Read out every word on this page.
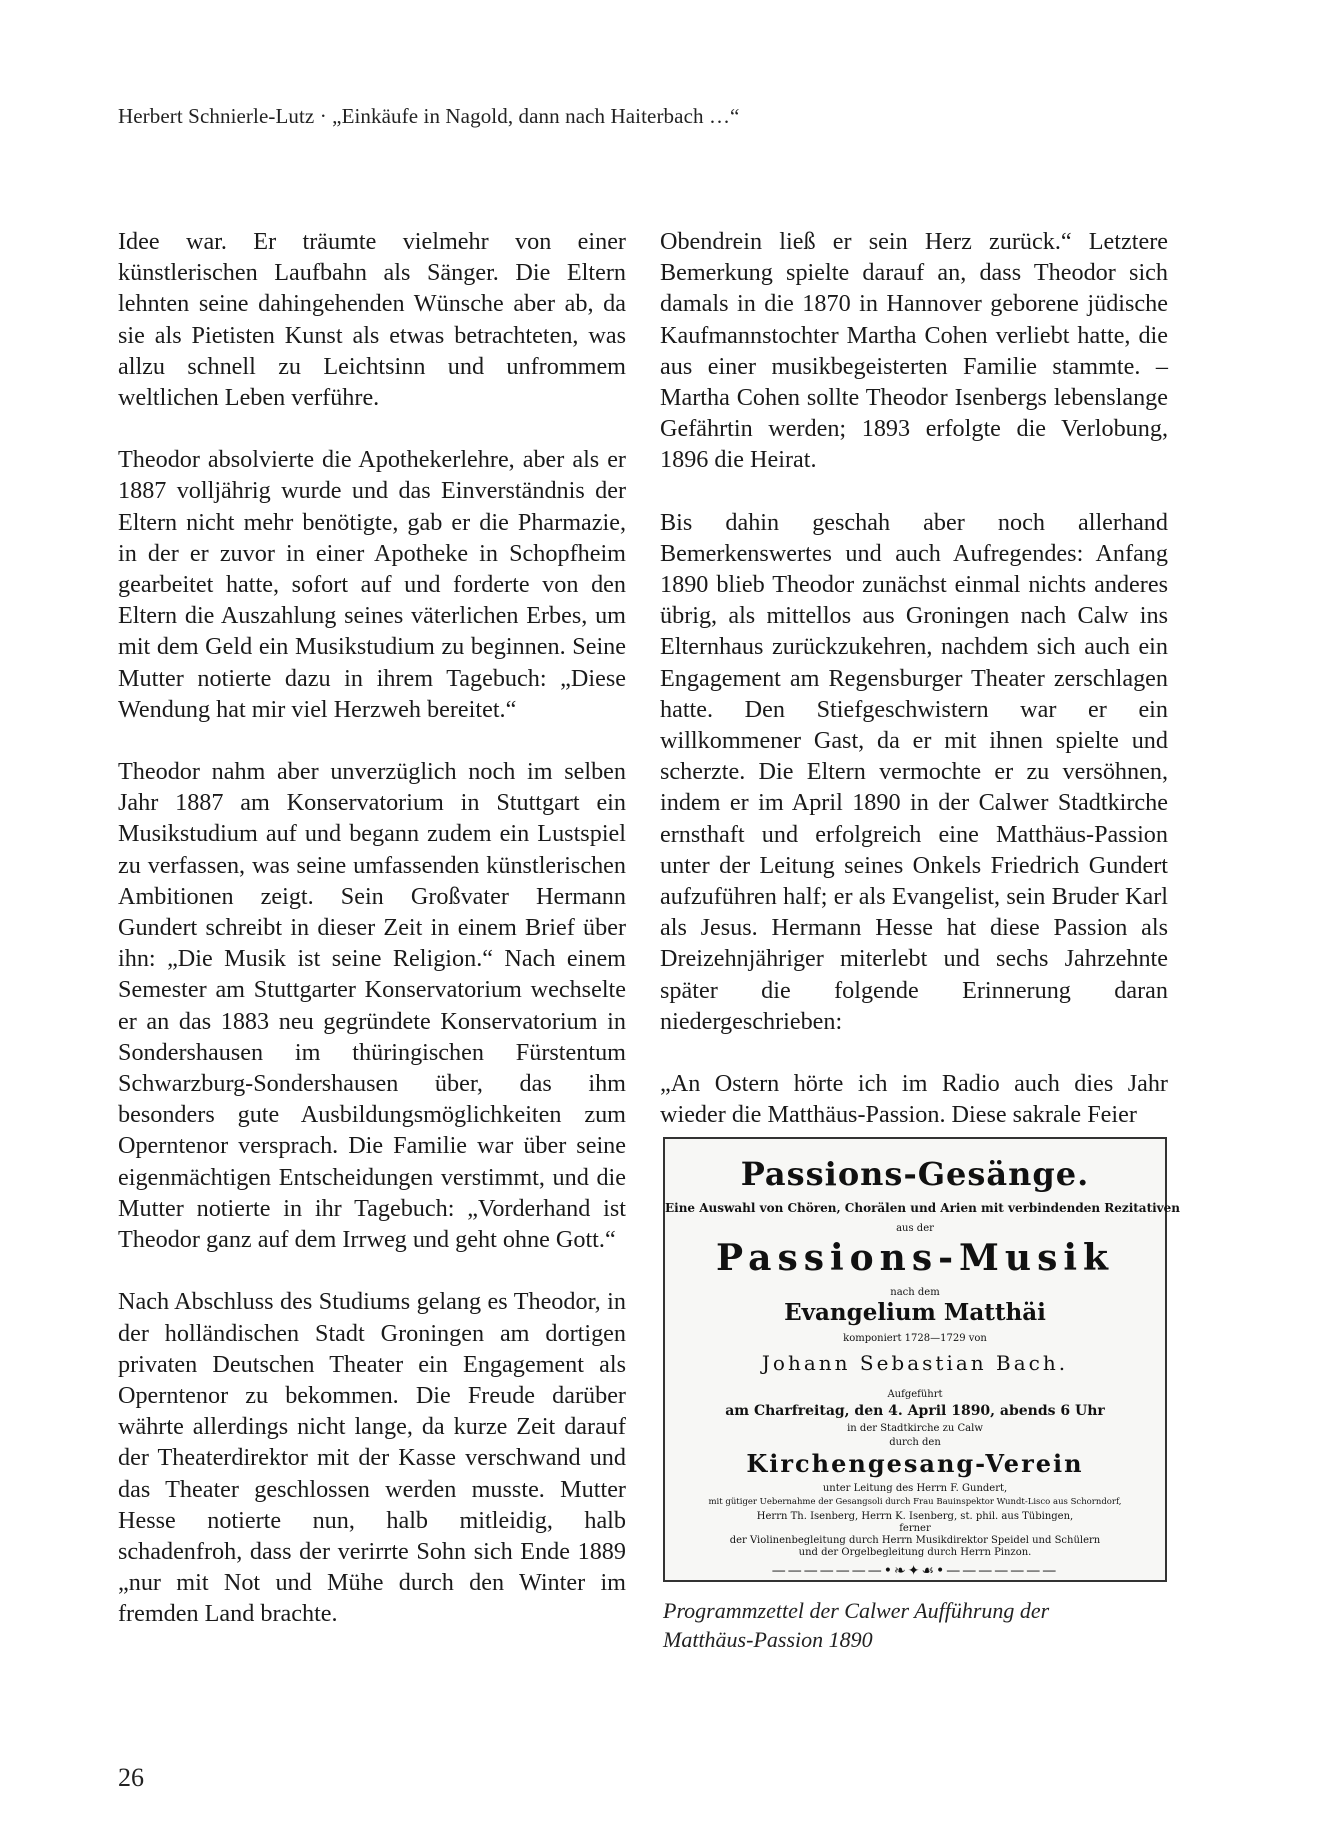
Herbert Schnierle-Lutz · „Einkäufe in Nagold, dann nach Haiterbach …“

Idee war. Er träumte vielmehr von einer künstlerischen Laufbahn als Sänger. Die Eltern lehnten seine dahingehenden Wünsche aber ab, da sie als Pietisten Kunst als etwas betrachteten, was allzu schnell zu Leichtsinn und unfrommem weltlichen Leben verführe.

Theodor absolvierte die Apothekerlehre, aber als er 1887 volljährig wurde und das Einverständnis der Eltern nicht mehr benötigte, gab er die Pharmazie, in der er zuvor in einer Apotheke in Schopfheim gearbeitet hatte, sofort auf und forderte von den Eltern die Auszahlung seines väterlichen Erbes, um mit dem Geld ein Musikstudium zu beginnen. Seine Mutter notierte dazu in ihrem Tagebuch: „Diese Wendung hat mir viel Herzweh bereitet.“

Theodor nahm aber unverzüglich noch im selben Jahr 1887 am Konservatorium in Stuttgart ein Musikstudium auf und begann zudem ein Lustspiel zu verfassen, was seine umfassenden künstlerischen Ambitionen zeigt. Sein Großvater Hermann Gundert schreibt in dieser Zeit in einem Brief über ihn: „Die Musik ist seine Religion.“ Nach einem Semester am Stuttgarter Konservatorium wechselte er an das 1883 neu gegründete Konservatorium in Sondershausen im thüringischen Fürstentum Schwarzburg-Sondershausen über, das ihm besonders gute Ausbildungsmöglichkeiten zum Operntenor versprach. Die Familie war über seine eigenmächtigen Entscheidungen verstimmt, und die Mutter notierte in ihr Tagebuch: „Vorderhand ist Theodor ganz auf dem Irrweg und geht ohne Gott.“

Nach Abschluss des Studiums gelang es Theodor, in der holländischen Stadt Groningen am dortigen privaten Deutschen Theater ein Engagement als Operntenor zu bekommen. Die Freude darüber währte allerdings nicht lange, da kurze Zeit darauf der Theaterdirektor mit der Kasse verschwand und das Theater geschlossen werden musste. Mutter Hesse notierte nun, halb mitleidig, halb schadenfroh, dass der verirrte Sohn sich Ende 1889 „nur mit Not und Mühe durch den Winter im fremden Land brachte.

Obendrein ließ er sein Herz zurück.“ Letztere Bemerkung spielte darauf an, dass Theodor sich damals in die 1870 in Hannover geborene jüdische Kaufmannstochter Martha Cohen verliebt hatte, die aus einer musikbegeisterten Familie stammte. – Martha Cohen sollte Theodor Isenbergs lebenslange Gefährtin werden; 1893 erfolgte die Verlobung, 1896 die Heirat.

Bis dahin geschah aber noch allerhand Bemerkenswertes und auch Aufregendes: Anfang 1890 blieb Theodor zunächst einmal nichts anderes übrig, als mittellos aus Groningen nach Calw ins Elternhaus zurückzukehren, nachdem sich auch ein Engagement am Regensburger Theater zerschlagen hatte. Den Stiefgeschwistern war er ein willkommener Gast, da er mit ihnen spielte und scherzte. Die Eltern vermochte er zu versöhnen, indem er im April 1890 in der Calwer Stadtkirche ernsthaft und erfolgreich eine Matthäus-Passion unter der Leitung seines Onkels Friedrich Gundert aufzuführen half; er als Evangelist, sein Bruder Karl als Jesus. Hermann Hesse hat diese Passion als Dreizehnjähriger miterlebt und sechs Jahrzehnte später die folgende Erinnerung daran niedergeschrieben:

„An Ostern hörte ich im Radio auch dies Jahr wieder die Matthäus-Passion. Diese sakrale Feier

Passions-Gesänge.
Eine Auswahl von Chören, Chorälen und Arien mit verbindenden Rezitativen
aus der
Passions-Musik
nach dem
Evangelium Matthäi
komponiert 1728—1729 von
Johann Sebastian Bach.
Aufgeführt
am Charfreitag, den 4. April 1890, abends 6 Uhr
in der Stadtkirche zu Calw
durch den
Kirchengesang-Verein
unter Leitung des Herrn F. Gundert,
mit gütiger Uebernahme der Gesangsoli durch Frau Bauinspektor Wundt-Lisco aus Schorndorf,
Herrn Th. Isenberg, Herrn K. Isenberg, st. phil. aus Tübingen,
ferner
der Violinenbegleitung durch Herrn Musikdirektor Speidel und Schülern
und der Orgelbegleitung durch Herrn Pinzon.
———————•❧✦☙•———————
Programmzettel der Calwer Aufführung der
Matthäus-Passion 1890
26
